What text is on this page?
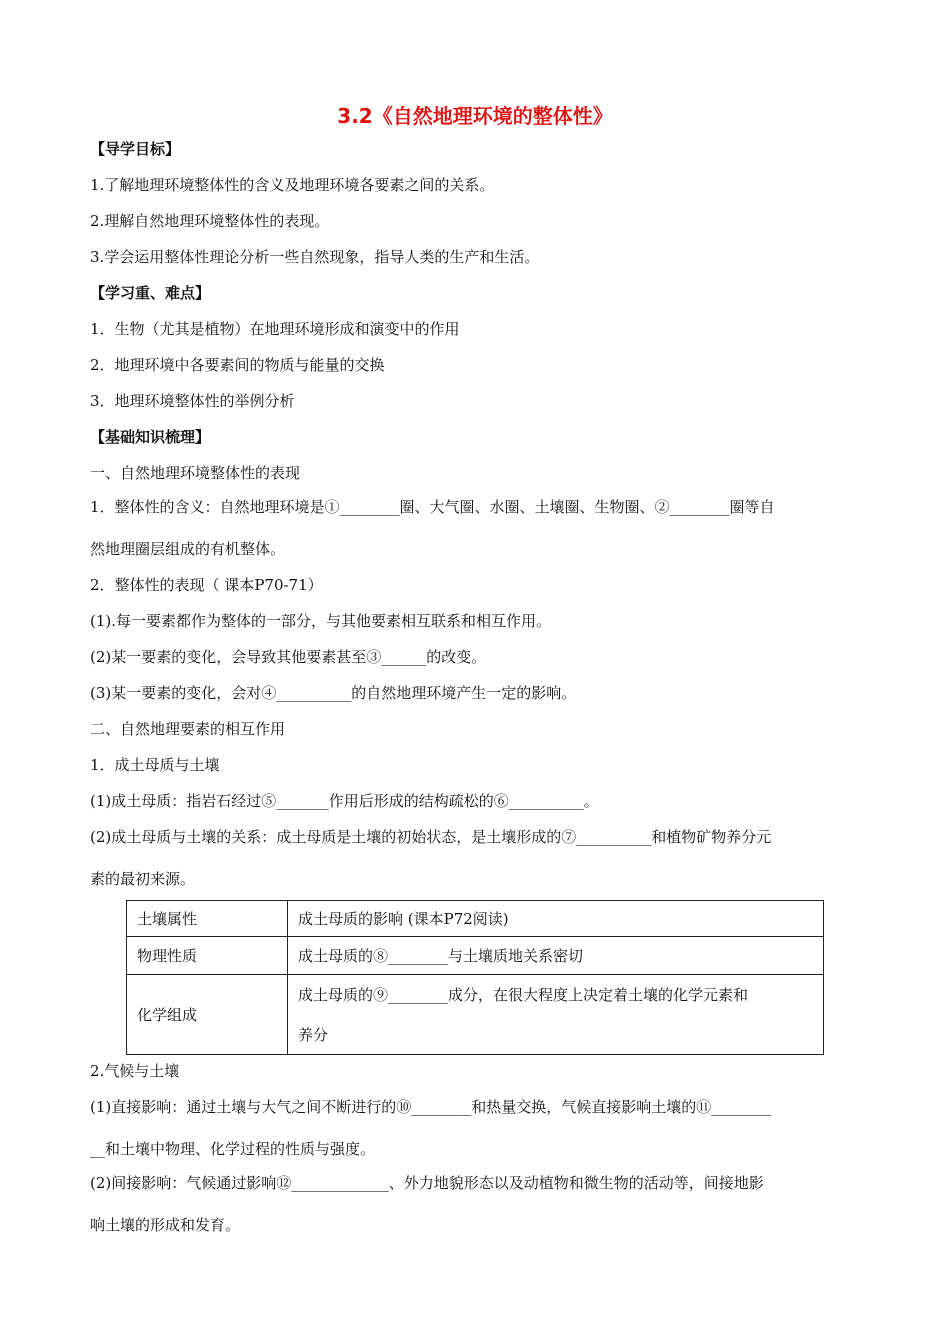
3.2《自然地理环境的整体性》
【导学目标】
1.了解地理环境整体性的含义及地理环境各要素之间的关系。
2.理解自然地理环境整体性的表现。
3.学会运用整体性理论分析一些自然现象，指导人类的生产和生活。
【学习重、难点】
1．生物（尤其是植物）在地理环境形成和演变中的作用
2．地理环境中各要素间的物质与能量的交换
3．地理环境整体性的举例分析
【基础知识梳理】
一、自然地理环境整体性的表现
1．整体性的含义：自然地理环境是①________圈、大气圈、水圈、土壤圈、生物圈、②________圈等自
然地理圈层组成的有机整体。
2．整体性的表现（ 课本P70-71）
(1).每一要素都作为整体的一部分，与其他要素相互联系和相互作用。
(2)某一要素的变化，会导致其他要素甚至③______的改变。
(3)某一要素的变化，会对④__________的自然地理环境产生一定的影响。
二、自然地理要素的相互作用
1．成土母质与土壤
(1)成土母质：指岩石经过⑤_______作用后形成的结构疏松的⑥__________。
(2)成土母质与土壤的关系：成土母质是土壤的初始状态，是土壤形成的⑦__________和植物矿物养分元
素的最初来源。
土壤属性	成土母质的影响 (课本P72阅读)
物理性质	成土母质的⑧________与土壤质地关系密切
化学组成	成土母质的⑨________成分，在很大程度上决定着土壤的化学元素和
养分
2.气候与土壤
(1)直接影响：通过土壤与大气之间不断进行的⑩________和热量交换，气候直接影响土壤的⑪________
__和土壤中物理、化学过程的性质与强度。
(2)间接影响：气候通过影响⑫_____________、外力地貌形态以及动植物和微生物的活动等，间接地影
响土壤的形成和发育。
